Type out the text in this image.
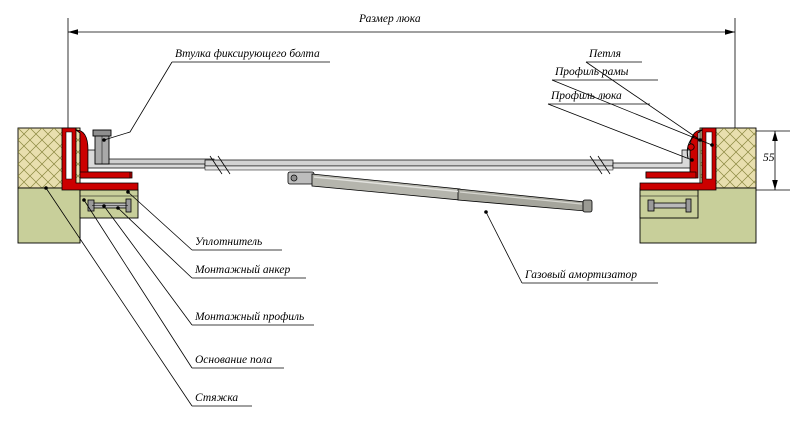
Размер люка
55
Втулка фиксирующего болта	Петля
Профиль рамы
Профиль люка
Уплотнитель
Монтажный анкер
Монтажный профиль
Основание пола
Стяжка
Газовый амортизатор
